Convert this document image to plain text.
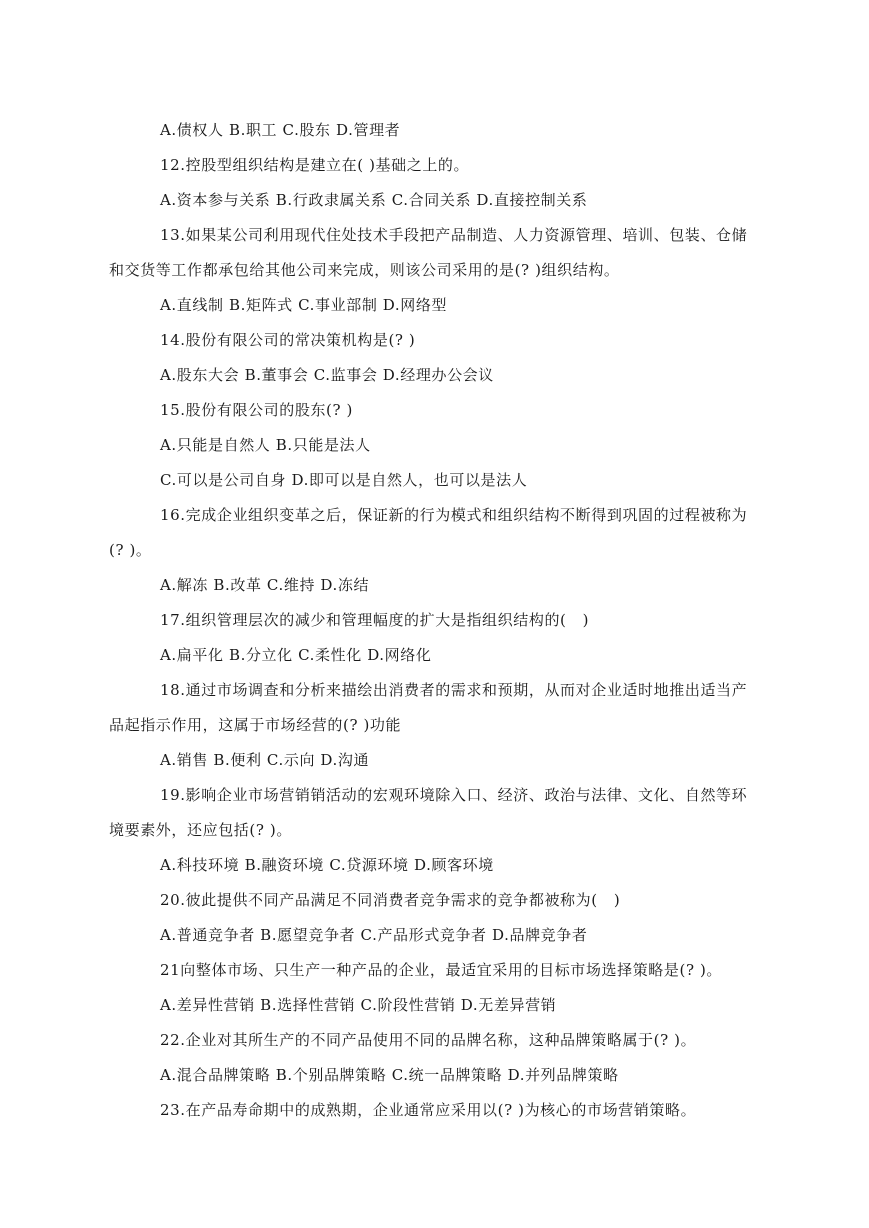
A.债权人 B.职工 C.股东 D.管理者
12.控股型组织结构是建立在( )基础之上的。
A.资本参与关系 B.行政隶属关系 C.合同关系 D.直接控制关系
13.如果某公司利用现代住处技术手段把产品制造、人力资源管理、培训、包装、仓储
和交货等工作都承包给其他公司来完成，则该公司采用的是(? )组织结构。
A.直线制 B.矩阵式 C.事业部制 D.网络型
14.股份有限公司的常决策机构是(? )
A.股东大会 B.董事会 C.监事会 D.经理办公会议
15.股份有限公司的股东(? )
A.只能是自然人 B.只能是法人
C.可以是公司自身 D.即可以是自然人，也可以是法人
16.完成企业组织变革之后，保证新的行为模式和组织结构不断得到巩固的过程被称为
(? )。
A.解冻 B.改革 C.维持 D.冻结
17.组织管理层次的减少和管理幅度的扩大是指组织结构的(   )
A.扁平化 B.分立化 C.柔性化 D.网络化
18.通过市场调查和分析来描绘出消费者的需求和预期，从而对企业适时地推出适当产
品起指示作用，这属于市场经营的(? )功能
A.销售 B.便利 C.示向 D.沟通
19.影响企业市场营销销活动的宏观环境除入口、经济、政治与法律、文化、自然等环
境要素外，还应包括(? )。
A.科技环境 B.融资环境 C.贷源环境 D.顾客环境
20.彼此提供不同产品满足不同消费者竞争需求的竞争都被称为(   )
A.普通竞争者 B.愿望竞争者 C.产品形式竞争者 D.品牌竞争者
21向整体市场、只生产一种产品的企业，最适宜采用的目标市场选择策略是(? )。
A.差异性营销 B.选择性营销 C.阶段性营销 D.无差异营销
22.企业对其所生产的不同产品使用不同的品牌名称，这种品牌策略属于(? )。
A.混合品牌策略 B.个别品牌策略 C.统一品牌策略 D.并列品牌策略
23.在产品寿命期中的成熟期，企业通常应采用以(? )为核心的市场营销策略。
